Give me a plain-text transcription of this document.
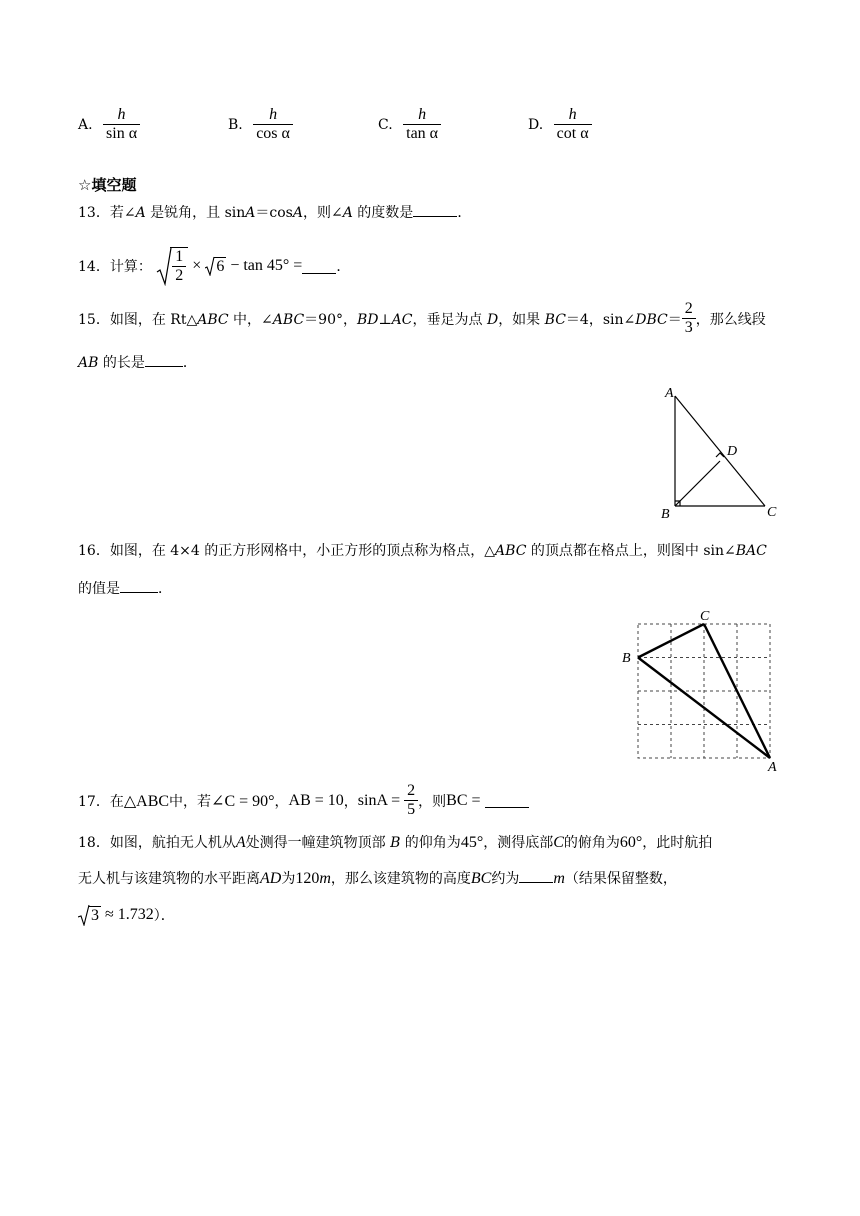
A. $\frac{h}{\text{sin α}}$	B. $\frac{h}{\text{cos α}}$	C. $\frac{h}{\text{tan α}}$	D. $\frac{h}{\text{cot α}}$
☆填空题
13．若∠A 是锐角，且 sinA＝cosA，则∠A 的度数是	．
14．计算： $\frac{1}{2} \times 6 - \tan 45^\circ$ =．
15．如图，在 Rt△ABC 中，∠ABC＝90°，BD⊥AC，垂足为点 D，如果 BC＝4，sin∠DBC＝ $\frac{2}{3}$ ，那么线段
AB 的长是	．
A
B	C
D
16．如图，在 4×4 的正方形网格中，小正方形的顶点称为格点，△ABC 的顶点都在格点上，则图中 sin∠BAC
的值是	．
C
B
A
17．在△ABC中，若∠C = 90°，AB = 10，$\sin A = \frac{2}{5}$ ，则BC =
18．如图，航拍无人机从A处测得一幢建筑物顶部 B 的仰角为45°，测得底部C的俯角为60°，此时航拍
无人机与该建筑物的水平距离AD为120m，那么该建筑物的高度BC约为 m（结果保留整数，
3 ≈ 1.732）．
